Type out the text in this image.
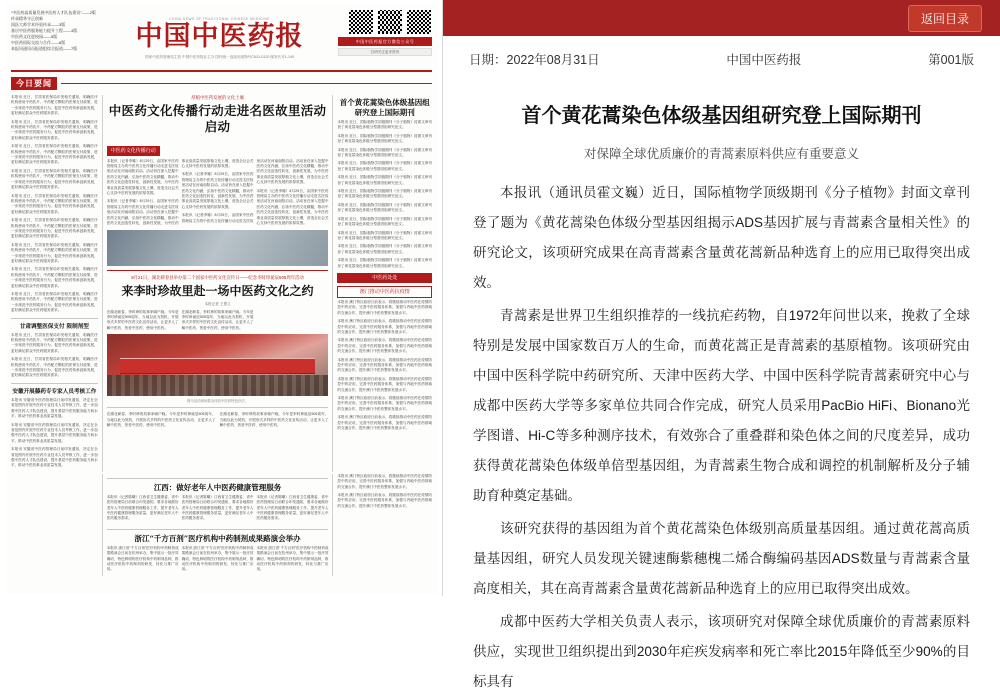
“中医药高质量发展中医药人才队伍建设”——2版
传承精华守正创新
国医大师学术经验传承——3版
基层中医药服务能力提升工程——4版
中医药文化进校园——5版
中医药国际交流与合作——6版
本报讯通讯员报道组综合报道——7版
CHINA NEWS OF TRADITIONAL CHINESE MEDICINE
中国中医药报
国家中医药管理局主管 中国中医药报社主办 国内统一连续出版物号CN11-0120 邮发代号1-149
中国中医药报官方微信公众号
扫码关注更多资讯
今日要闻

本报讯 近日，甘肃省医保局印发相关通知，明确医疗机构使用中药饮片、中药配方颗粒的医保支付政策，进一步规范中医药服务行为，促进中医药传承创新发展，更好满足群众中医药服务需求。

本报讯 近日，甘肃省医保局印发相关通知，明确医疗机构使用中药饮片、中药配方颗粒的医保支付政策，进一步规范中医药服务行为，促进中医药传承创新发展，更好满足群众中医药服务需求。

本报讯 近日，甘肃省医保局印发相关通知，明确医疗机构使用中药饮片、中药配方颗粒的医保支付政策，进一步规范中医药服务行为，促进中医药传承创新发展，更好满足群众中医药服务需求。

本报讯 近日，甘肃省医保局印发相关通知，明确医疗机构使用中药饮片、中药配方颗粒的医保支付政策，进一步规范中医药服务行为，促进中医药传承创新发展，更好满足群众中医药服务需求。

本报讯 近日，甘肃省医保局印发相关通知，明确医疗机构使用中药饮片、中药配方颗粒的医保支付政策，进一步规范中医药服务行为，促进中医药传承创新发展，更好满足群众中医药服务需求。

本报讯 近日，甘肃省医保局印发相关通知，明确医疗机构使用中药饮片、中药配方颗粒的医保支付政策，进一步规范中医药服务行为，促进中医药传承创新发展，更好满足群众中医药服务需求。

本报讯 近日，甘肃省医保局印发相关通知，明确医疗机构使用中药饮片、中药配方颗粒的医保支付政策，进一步规范中医药服务行为，促进中医药传承创新发展，更好满足群众中医药服务需求。

本报讯 近日，甘肃省医保局印发相关通知，明确医疗机构使用中药饮片、中药配方颗粒的医保支付政策，进一步规范中医药服务行为，促进中医药传承创新发展，更好满足群众中医药服务需求。

本报讯 近日，甘肃省医保局印发相关通知，明确医疗机构使用中药饮片、中药配方颗粒的医保支付政策，进一步规范中医药服务行为，促进中医药传承创新发展，更好满足群众中医药服务需求。

甘肃调整医保支付 限制剂型

本报讯 近日，甘肃省医保局印发相关通知，明确医疗机构使用中药饮片、中药配方颗粒的医保支付政策，进一步规范中医药服务行为，促进中医药传承创新发展，更好满足群众中医药服务需求。

本报讯 近日，甘肃省医保局印发相关通知，明确医疗机构使用中药饮片、中药配方颗粒的医保支付政策，进一步规范中医药服务行为，促进中医药传承创新发展，更好满足群众中医药服务需求。

安徽开展藤药专专家人员考核工作

本报讯 安徽省中医药管理局日前印发通知，决定在全省范围内开展中医药专业技术人员考核工作，进一步加强中医药人才队伍建设，提升基层中医药服务能力和水平，推动中医药事业高质量发展。

本报讯 安徽省中医药管理局日前印发通知，决定在全省范围内开展中医药专业技术人员考核工作，进一步加强中医药人才队伍建设，提升基层中医药服务能力和水平，推动中医药事业高质量发展。

本报讯 安徽省中医药管理局日前印发通知，决定在全省范围内开展中医药专业技术人员考核工作，进一步加强中医药人才队伍建设，提升基层中医药服务能力和水平，推动中医药事业高质量发展。

厚植中医药发展的文化土壤
中医药文化传播行动走进名医故里活动启动
中医药文化传播行动

本报讯（记者李娜）8月29日，由国家中医药管理局主办的中医药文化传播行动走进名医故里活动在河南南阳启动。活动旨在深入挖掘中医药文化内涵，弘扬中医药文化精髓，推动中医药文化创造性转化、创新性发展，为中医药事业高质量发展厚植文化土壤，营造全社会关心支持中医药发展的浓厚氛围。

本报讯（记者李娜）8月29日，由国家中医药管理局主办的中医药文化传播行动走进名医故里活动在河南南阳启动。活动旨在深入挖掘中医药文化内涵，弘扬中医药文化精髓，推动中医药文化创造性转化、创新性发展，为中医药事业高质量发展厚植文化土壤，营造全社会关心支持中医药发展的浓厚氛围。

本报讯（记者李娜）8月29日，由国家中医药管理局主办的中医药文化传播行动走进名医故里活动在河南南阳启动。活动旨在深入挖掘中医药文化内涵，弘扬中医药文化精髓，推动中医药文化创造性转化、创新性发展，为中医药事业高质量发展厚植文化土壤，营造全社会关心支持中医药发展的浓厚氛围。

本报讯（记者李娜）8月29日，由国家中医药管理局主办的中医药文化传播行动走进名医故里活动在河南南阳启动。活动旨在深入挖掘中医药文化内涵，弘扬中医药文化精髓，推动中医药文化创造性转化、创新性发展，为中医药事业高质量发展厚植文化土壤，营造全社会关心支持中医药发展的浓厚氛围。

本报讯（记者李娜）8月29日，由国家中医药管理局主办的中医药文化传播行动走进名医故里活动在河南南阳启动。活动旨在深入挖掘中医药文化内涵，弘扬中医药文化精髓，推动中医药文化创造性转化、创新性发展，为中医药事业高质量发展厚植文化土壤，营造全社会关心支持中医药发展的浓厚氛围。

8月21日，湖北蕲春县举办第二个国家中医药文化宣传日——纪念李时珍诞辰505周年活动
来李时珍故里赴一场中医药文化之约
本报记者 王慧文

在湖北蕲春，李时珍的故事家喻户晓。今年是李时珍诞辰505周年，当地以此为契机，开展形式多样的中医药文化宣传活动，让更多人了解中医药、热爱中医药、使用中医药。

在湖北蕲春，李时珍的故事家喻户晓。今年是李时珍诞辰505周年，当地以此为契机，开展形式多样的中医药文化宣传活动，让更多人了解中医药、热爱中医药、使用中医药。

图为活动现场群众体验中医药特色疗法。

在湖北蕲春，李时珍的故事家喻户晓。今年是李时珍诞辰505周年，当地以此为契机，开展形式多样的中医药文化宣传活动，让更多人了解中医药、热爱中医药、使用中医药。

在湖北蕲春，李时珍的故事家喻户晓。今年是李时珍诞辰505周年，当地以此为契机，开展形式多样的中医药文化宣传活动，让更多人了解中医药、热爱中医药、使用中医药。

首个黄花蒿染色体级基因组研究登上国际期刊

本报讯 近日，国际植物学顶级期刊《分子植物》封面文章刊登了黄花蒿染色体级分型基因组研究论文。

本报讯 近日，国际植物学顶级期刊《分子植物》封面文章刊登了黄花蒿染色体级分型基因组研究论文。

本报讯 近日，国际植物学顶级期刊《分子植物》封面文章刊登了黄花蒿染色体级分型基因组研究论文。

本报讯 近日，国际植物学顶级期刊《分子植物》封面文章刊登了黄花蒿染色体级分型基因组研究论文。

本报讯 近日，国际植物学顶级期刊《分子植物》封面文章刊登了黄花蒿染色体级分型基因组研究论文。

本报讯 近日，国际植物学顶级期刊《分子植物》封面文章刊登了黄花蒿染色体级分型基因组研究论文。

本报讯 近日，国际植物学顶级期刊《分子植物》封面文章刊登了黄花蒿染色体级分型基因组研究论文。

本报讯 近日，国际植物学顶级期刊《分子植物》封面文章刊登了黄花蒿染色体级分型基因组研究论文。

本报讯 近日，国际植物学顶级期刊《分子植物》封面文章刊登了黄花蒿染色体级分型基因组研究论文。

本报讯 近日，国际植物学顶级期刊《分子植物》封面文章刊登了黄花蒿染色体级分型基因组研究论文。

本报讯 近日，国际植物学顶级期刊《分子植物》封面文章刊登了黄花蒿染色体级分型基因组研究论文。

中医药处处
澳门推动中医药抗疫情

本报讯 澳门特区政府日前表示，将继续推动中医药在疫情防控中的应用，完善中医药服务体系，加强与内地中医药领域的交流合作，提升澳门中医药整体发展水平。

本报讯 澳门特区政府日前表示，将继续推动中医药在疫情防控中的应用，完善中医药服务体系，加强与内地中医药领域的交流合作，提升澳门中医药整体发展水平。

本报讯 澳门特区政府日前表示，将继续推动中医药在疫情防控中的应用，完善中医药服务体系，加强与内地中医药领域的交流合作，提升澳门中医药整体发展水平。

本报讯 澳门特区政府日前表示，将继续推动中医药在疫情防控中的应用，完善中医药服务体系，加强与内地中医药领域的交流合作，提升澳门中医药整体发展水平。

本报讯 澳门特区政府日前表示，将继续推动中医药在疫情防控中的应用，完善中医药服务体系，加强与内地中医药领域的交流合作，提升澳门中医药整体发展水平。

本报讯 澳门特区政府日前表示，将继续推动中医药在疫情防控中的应用，完善中医药服务体系，加强与内地中医药领域的交流合作，提升澳门中医药整体发展水平。

本报讯 澳门特区政府日前表示，将继续推动中医药在疫情防控中的应用，完善中医药服务体系，加强与内地中医药领域的交流合作，提升澳门中医药整体发展水平。

江西：做好老年人中医药健康管理服务

本报讯（记者陈曦）江西省卫生健康委、省中医药管理局日前联合印发通知，要求各地做好老年人中医药健康管理服务工作，提升老年人中医药健康管理服务质量，更好满足老年人中医药服务需求。

本报讯（记者陈曦）江西省卫生健康委、省中医药管理局日前联合印发通知，要求各地做好老年人中医药健康管理服务工作，提升老年人中医药健康管理服务质量，更好满足老年人中医药服务需求。

本报讯（记者陈曦）江西省卫生健康委、省中医药管理局日前联合印发通知，要求各地做好老年人中医药健康管理服务工作，提升老年人中医药健康管理服务质量，更好满足老年人中医药服务需求。

浙江“千方百剂”医疗机构中药制剂成果路演会举办

本报讯 浙江省“千方百剂”医疗机构中药制剂成果路演会日前在杭州举办，集中展示一批疗效确切、特色鲜明的医疗机构中药制剂品种，推动医疗机构中药制剂的研发、转化与推广应用。

本报讯 浙江省“千方百剂”医疗机构中药制剂成果路演会日前在杭州举办，集中展示一批疗效确切、特色鲜明的医疗机构中药制剂品种，推动医疗机构中药制剂的研发、转化与推广应用。

本报讯 浙江省“千方百剂”医疗机构中药制剂成果路演会日前在杭州举办，集中展示一批疗效确切、特色鲜明的医疗机构中药制剂品种，推动医疗机构中药制剂的研发、转化与推广应用。

本报讯 澳门特区政府日前表示，将继续推动中医药在疫情防控中的应用，完善中医药服务体系，加强与内地中医药领域的交流合作，提升澳门中医药整体发展水平。

本报讯 澳门特区政府日前表示，将继续推动中医药在疫情防控中的应用，完善中医药服务体系，加强与内地中医药领域的交流合作，提升澳门中医药整体发展水平。

返回目录
日期：2022年08月31日	中国中医药报	第001版
首个黄花蒿染色体级基因组研究登上国际期刊
对保障全球优质廉价的青蒿素原料供应有重要意义

本报讯（通讯员霍文巍）近日，国际植物学顶级期刊《分子植物》封面文章刊登了题为《黄花蒿染色体级分型基因组揭示ADS基因扩展与青蒿素含量相关性》的研究论文，该项研究成果在高青蒿素含量黄花蒿新品种选育上的应用已取得突出成效。

青蒿素是世界卫生组织推荐的一线抗疟药物，自1972年问世以来，挽救了全球特别是发展中国家数百万人的生命，而黄花蒿正是青蒿素的基原植物。该项研究由中国中医科学院中药研究所、天津中医药大学、中国中医科学院青蒿素研究中心与成都中医药大学等多家单位共同合作完成，研究人员采用PacBio HiFi、Bionano光学图谱、Hi-C等多种测序技术，有效弥合了重叠群和染色体之间的尺度差异，成功获得黄花蒿染色体级单倍型基因组，为青蒿素生物合成和调控的机制解析及分子辅助育种奠定基础。

该研究获得的基因组为首个黄花蒿染色体级别高质量基因组。通过黄花蒿高质量基因组，研究人员发现关键速酶紫穗槐二烯合酶编码基因ADS数量与青蒿素含量高度相关，其在高青蒿素含量黄花蒿新品种选育上的应用已取得突出成效。

成都中医药大学相关负责人表示，该项研究对保障全球优质廉价的青蒿素原料供应，实现世卫组织提出到2030年疟疾发病率和死亡率比2015年降低至少90%的目标具有
